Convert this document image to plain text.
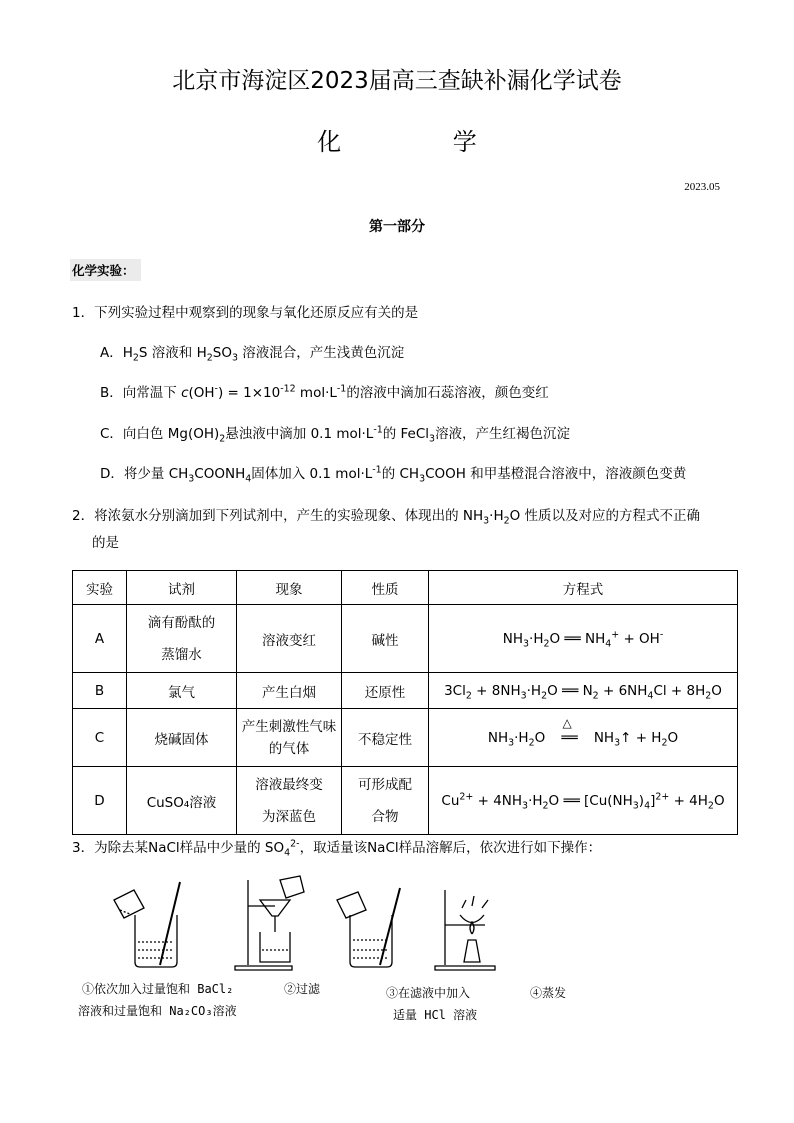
北京市海淀区2023届高三查缺补漏化学试卷
化 学
2023.05
第一部分
化学实验：
1．下列实验过程中观察到的现象与氧化还原反应有关的是
A．$H_2S$ 溶液和 $H_2SO_3$ 溶液混合，产生浅黄色沉淀
B．向常温下 $c(OH^-) = 1\times 10^{-12}$ $mol\cdot L^{-1}$的溶液中滴加石蕊溶液，颜色变红
C．向白色 $Mg(OH)_2$悬浊液中滴加 0.1 $mol\cdot L^{-1}$的 FeCl$_3$溶液，产生红褐色沉淀
D．将少量 $CH_3COONH_4$固体加入 0.1 $mol\cdot L^{-1}$的 $CH_3COOH$ 和甲基橙混合溶液中，溶液颜色变黄
2．将浓氨水分别滴加到下列试剂中，产生的实验现象、体现出的 $NH_3\cdot H_2O$ 性质以及对应的方程式不正确
的是
实验	试剂	现象	性质	方程式
A	滴有酚酞的蒸馏水	溶液变红	碱性	$NH_3\cdot H_2O$ ══ $NH_4^+ + OH^-$
B	氯气	产生白烟	还原性	$3Cl_2 + 8NH_3\cdot H_2O$ ══ $N_2 + 6NH_4Cl + 8H_2O$
C	烧碱固体	产生刺激性气味的气体	不稳定性	$NH_3\cdot H_2O$
△
══ $NH_3↑ + H_2O$
D	CuSO₄溶液	溶液最终变为深蓝色	可形成配合物	$Cu^{2+} + 4NH_3\cdot H_2O$ ══ $[Cu(NH_3)_4]^{2+} + 4H_2O$
3．为除去某NaCl样品中少量的 $SO_4^{2-}$，取适量该NaCl样品溶解后，依次进行如下操作：
①依次加入过量饱和 BaCl₂
溶液和过量饱和 Na₂CO₃溶液
②过滤	③在滤液中加入
适量 HCl 溶液
④蒸发
